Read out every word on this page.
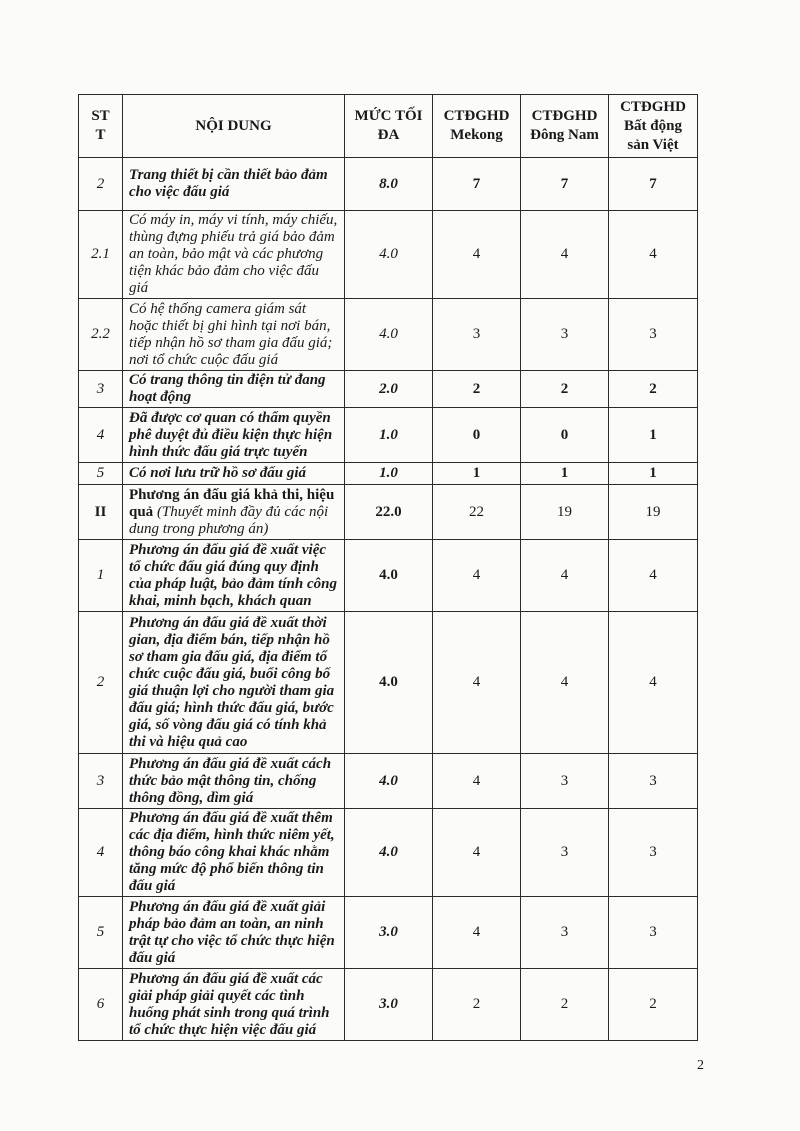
ST T	NỘI DUNG	MỨC TỐI ĐA	CTĐGHD Mekong	CTĐGHD Đông Nam	CTĐGHD Bất động sản Việt
2	Trang thiết bị cần thiết bảo đảm cho việc đấu giá	8.0	7	7	7
2.1	Có máy in, máy vi tính, máy chiếu, thùng đựng phiếu trả giá bảo đảm an toàn, bảo mật và các phương tiện khác bảo đảm cho việc đấu giá	4.0	4	4	4
2.2	Có hệ thống camera giám sát hoặc thiết bị ghi hình tại nơi bán, tiếp nhận hồ sơ tham gia đấu giá; nơi tổ chức cuộc đấu giá	4.0	3	3	3
3	Có trang thông tin điện tử đang hoạt động	2.0	2	2	2
4	Đã được cơ quan có thẩm quyền phê duyệt đủ điều kiện thực hiện hình thức đấu giá trực tuyến	1.0	0	0	1
5	Có nơi lưu trữ hồ sơ đấu giá	1.0	1	1	1
II	Phương án đấu giá khả thi, hiệu quả (Thuyết minh đầy đủ các nội dung trong phương án)	22.0	22	19	19
1	Phương án đấu giá đề xuất việc tổ chức đấu giá đúng quy định của pháp luật, bảo đảm tính công khai, minh bạch, khách quan	4.0	4	4	4
2	Phương án đấu giá đề xuất thời gian, địa điểm bán, tiếp nhận hồ sơ tham gia đấu giá, địa điểm tổ chức cuộc đấu giá, buổi công bố giá thuận lợi cho người tham gia đấu giá; hình thức đấu giá, bước giá, số vòng đấu giá có tính khả thi và hiệu quả cao	4.0	4	4	4
3	Phương án đấu giá đề xuất cách thức bảo mật thông tin, chống thông đồng, dìm giá	4.0	4	3	3
4	Phương án đấu giá đề xuất thêm các địa điểm, hình thức niêm yết, thông báo công khai khác nhằm tăng mức độ phổ biến thông tin đấu giá	4.0	4	3	3
5	Phương án đấu giá đề xuất giải pháp bảo đảm an toàn, an ninh trật tự cho việc tổ chức thực hiện đấu giá	3.0	4	3	3
6	Phương án đấu giá đề xuất các giải pháp giải quyết các tình huống phát sinh trong quá trình tổ chức thực hiện việc đấu giá	3.0	2	2	2
2
